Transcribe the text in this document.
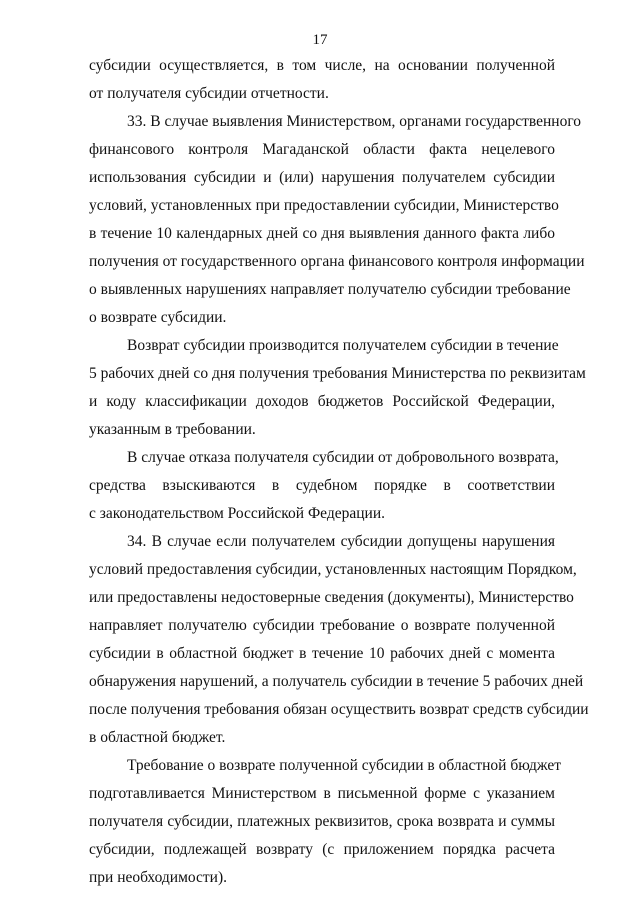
17
субсидии осуществляется, в том числе, на основании полученной
от получателя субсидии отчетности.
33. В случае выявления Министерством, органами государственного
финансового контроля Магаданской области факта нецелевого
использования субсидии и (или) нарушения получателем субсидии
условий, установленных при предоставлении субсидии, Министерство
в течение 10 календарных дней со дня выявления данного факта либо
получения от государственного органа финансового контроля информации
о выявленных нарушениях направляет получателю субсидии требование
о возврате субсидии.
Возврат субсидии производится получателем субсидии в течение
5 рабочих дней со дня получения требования Министерства по реквизитам
и коду классификации доходов бюджетов Российской Федерации,
указанным в требовании.
В случае отказа получателя субсидии от добровольного возврата,
средства взыскиваются в судебном порядке в соответствии
с законодательством Российской Федерации.
34. В случае если получателем субсидии допущены нарушения
условий предоставления субсидии, установленных настоящим Порядком,
или предоставлены недостоверные сведения (документы), Министерство
направляет получателю субсидии требование о возврате полученной
субсидии в областной бюджет в течение 10 рабочих дней с момента
обнаружения нарушений, а получатель субсидии в течение 5 рабочих дней
после получения требования обязан осуществить возврат средств субсидии
в областной бюджет.
Требование о возврате полученной субсидии в областной бюджет
подготавливается Министерством в письменной форме с указанием
получателя субсидии, платежных реквизитов, срока возврата и суммы
субсидии, подлежащей возврату (с приложением порядка расчета
при необходимости).
